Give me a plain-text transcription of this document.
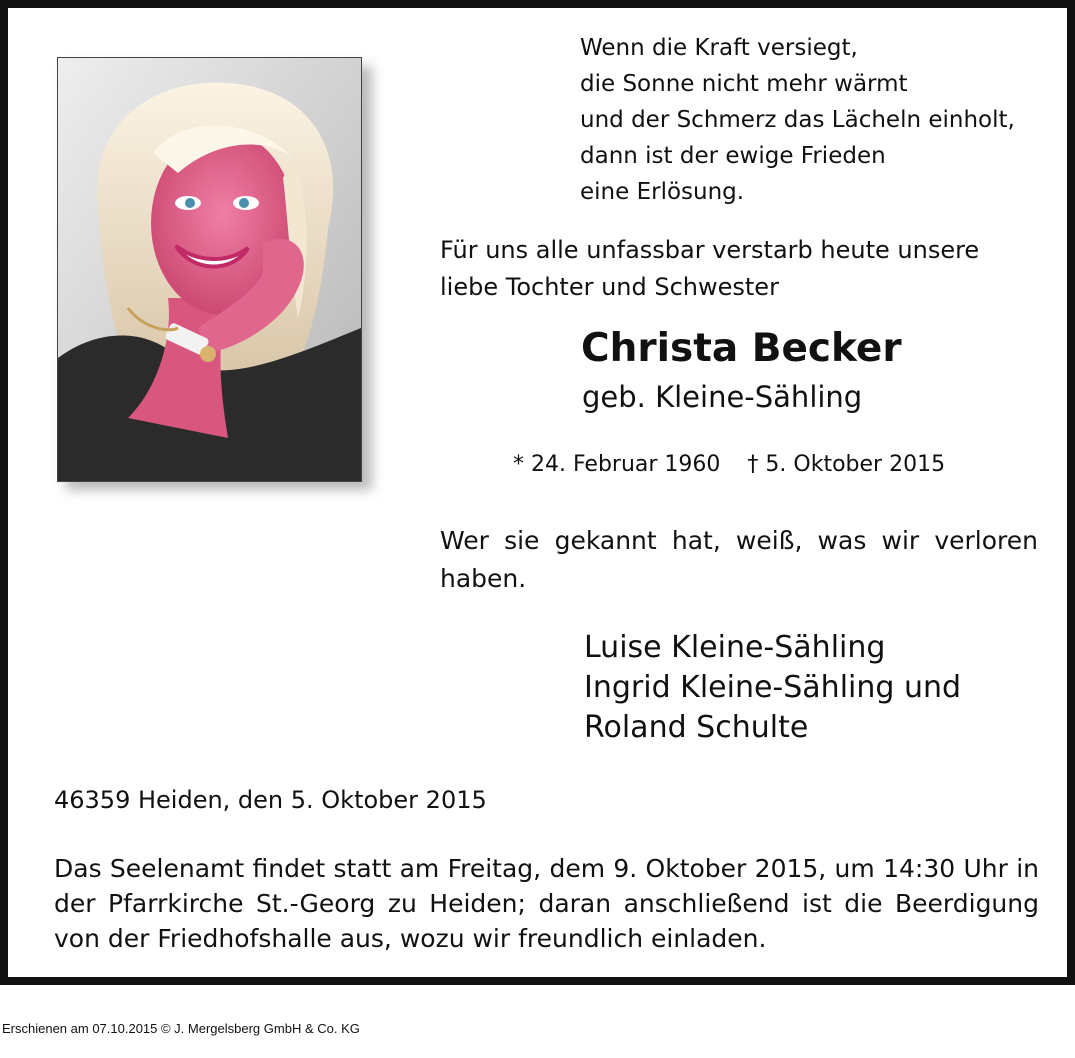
Wenn die Kraft versiegt,
die Sonne nicht mehr wärmt
und der Schmerz das Lächeln einholt,
dann ist der ewige Frieden
eine Erlösung.
Für uns alle unfassbar verstarb heute unsere liebe Tochter und Schwester
Christa Becker
geb. Kleine-Sähling
* 24. Februar 1960 † 5. Oktober 2015
Wer sie gekannt hat, weiß, was wir verloren haben.
Luise Kleine-Sähling
Ingrid Kleine-Sähling und
Roland Schulte
46359 Heiden, den 5. Oktober 2015
Das Seelenamt findet statt am Freitag, dem 9. Oktober 2015, um 14:30 Uhr in der Pfarrkirche St.-Georg zu Heiden; daran anschließend ist die Beerdigung von der Friedhofshalle aus, wozu wir freundlich einladen.
Erschienen am 07.10.2015 © J. Mergelsberg GmbH & Co. KG
